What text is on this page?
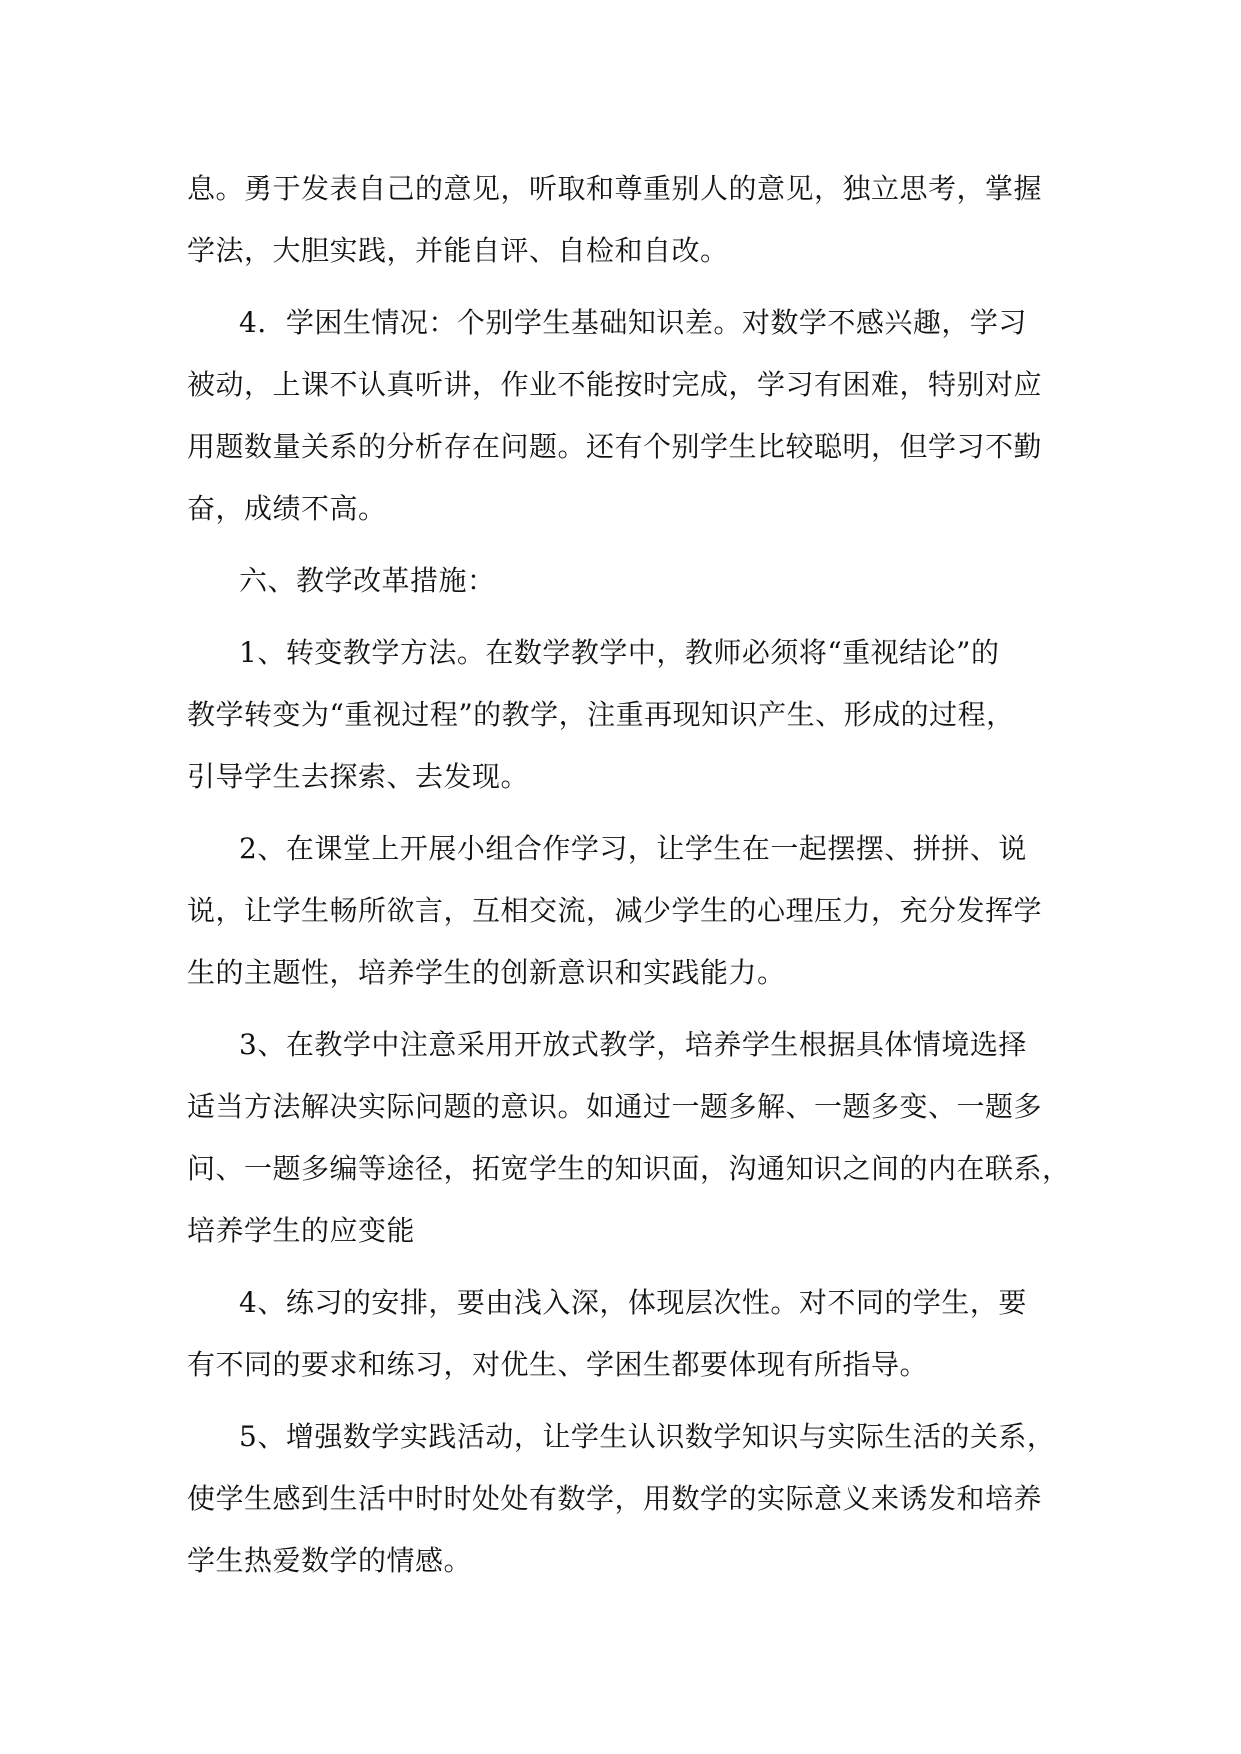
息。勇于发表自己的意见，听取和尊重别人的意见，独立思考，掌握
学法，大胆实践，并能自评、自检和自改。
4．学困生情况：个别学生基础知识差。对数学不感兴趣，学习
被动，上课不认真听讲，作业不能按时完成，学习有困难，特别对应
用题数量关系的分析存在问题。还有个别学生比较聪明，但学习不勤
奋，成绩不高。
六、教学改革措施：
1、转变教学方法。在数学教学中，教师必须将“重视结论”的
教学转变为“重视过程”的教学，注重再现知识产生、形成的过程，
引导学生去探索、去发现。
2、在课堂上开展小组合作学习，让学生在一起摆摆、拼拼、说
说，让学生畅所欲言，互相交流，减少学生的心理压力，充分发挥学
生的主题性，培养学生的创新意识和实践能力。
3、在教学中注意采用开放式教学，培养学生根据具体情境选择
适当方法解决实际问题的意识。如通过一题多解、一题多变、一题多
问、一题多编等途径，拓宽学生的知识面，沟通知识之间的内在联系，
培养学生的应变能
4、练习的安排，要由浅入深，体现层次性。对不同的学生，要
有不同的要求和练习，对优生、学困生都要体现有所指导。
5、增强数学实践活动，让学生认识数学知识与实际生活的关系，
使学生感到生活中时时处处有数学，用数学的实际意义来诱发和培养
学生热爱数学的情感。
